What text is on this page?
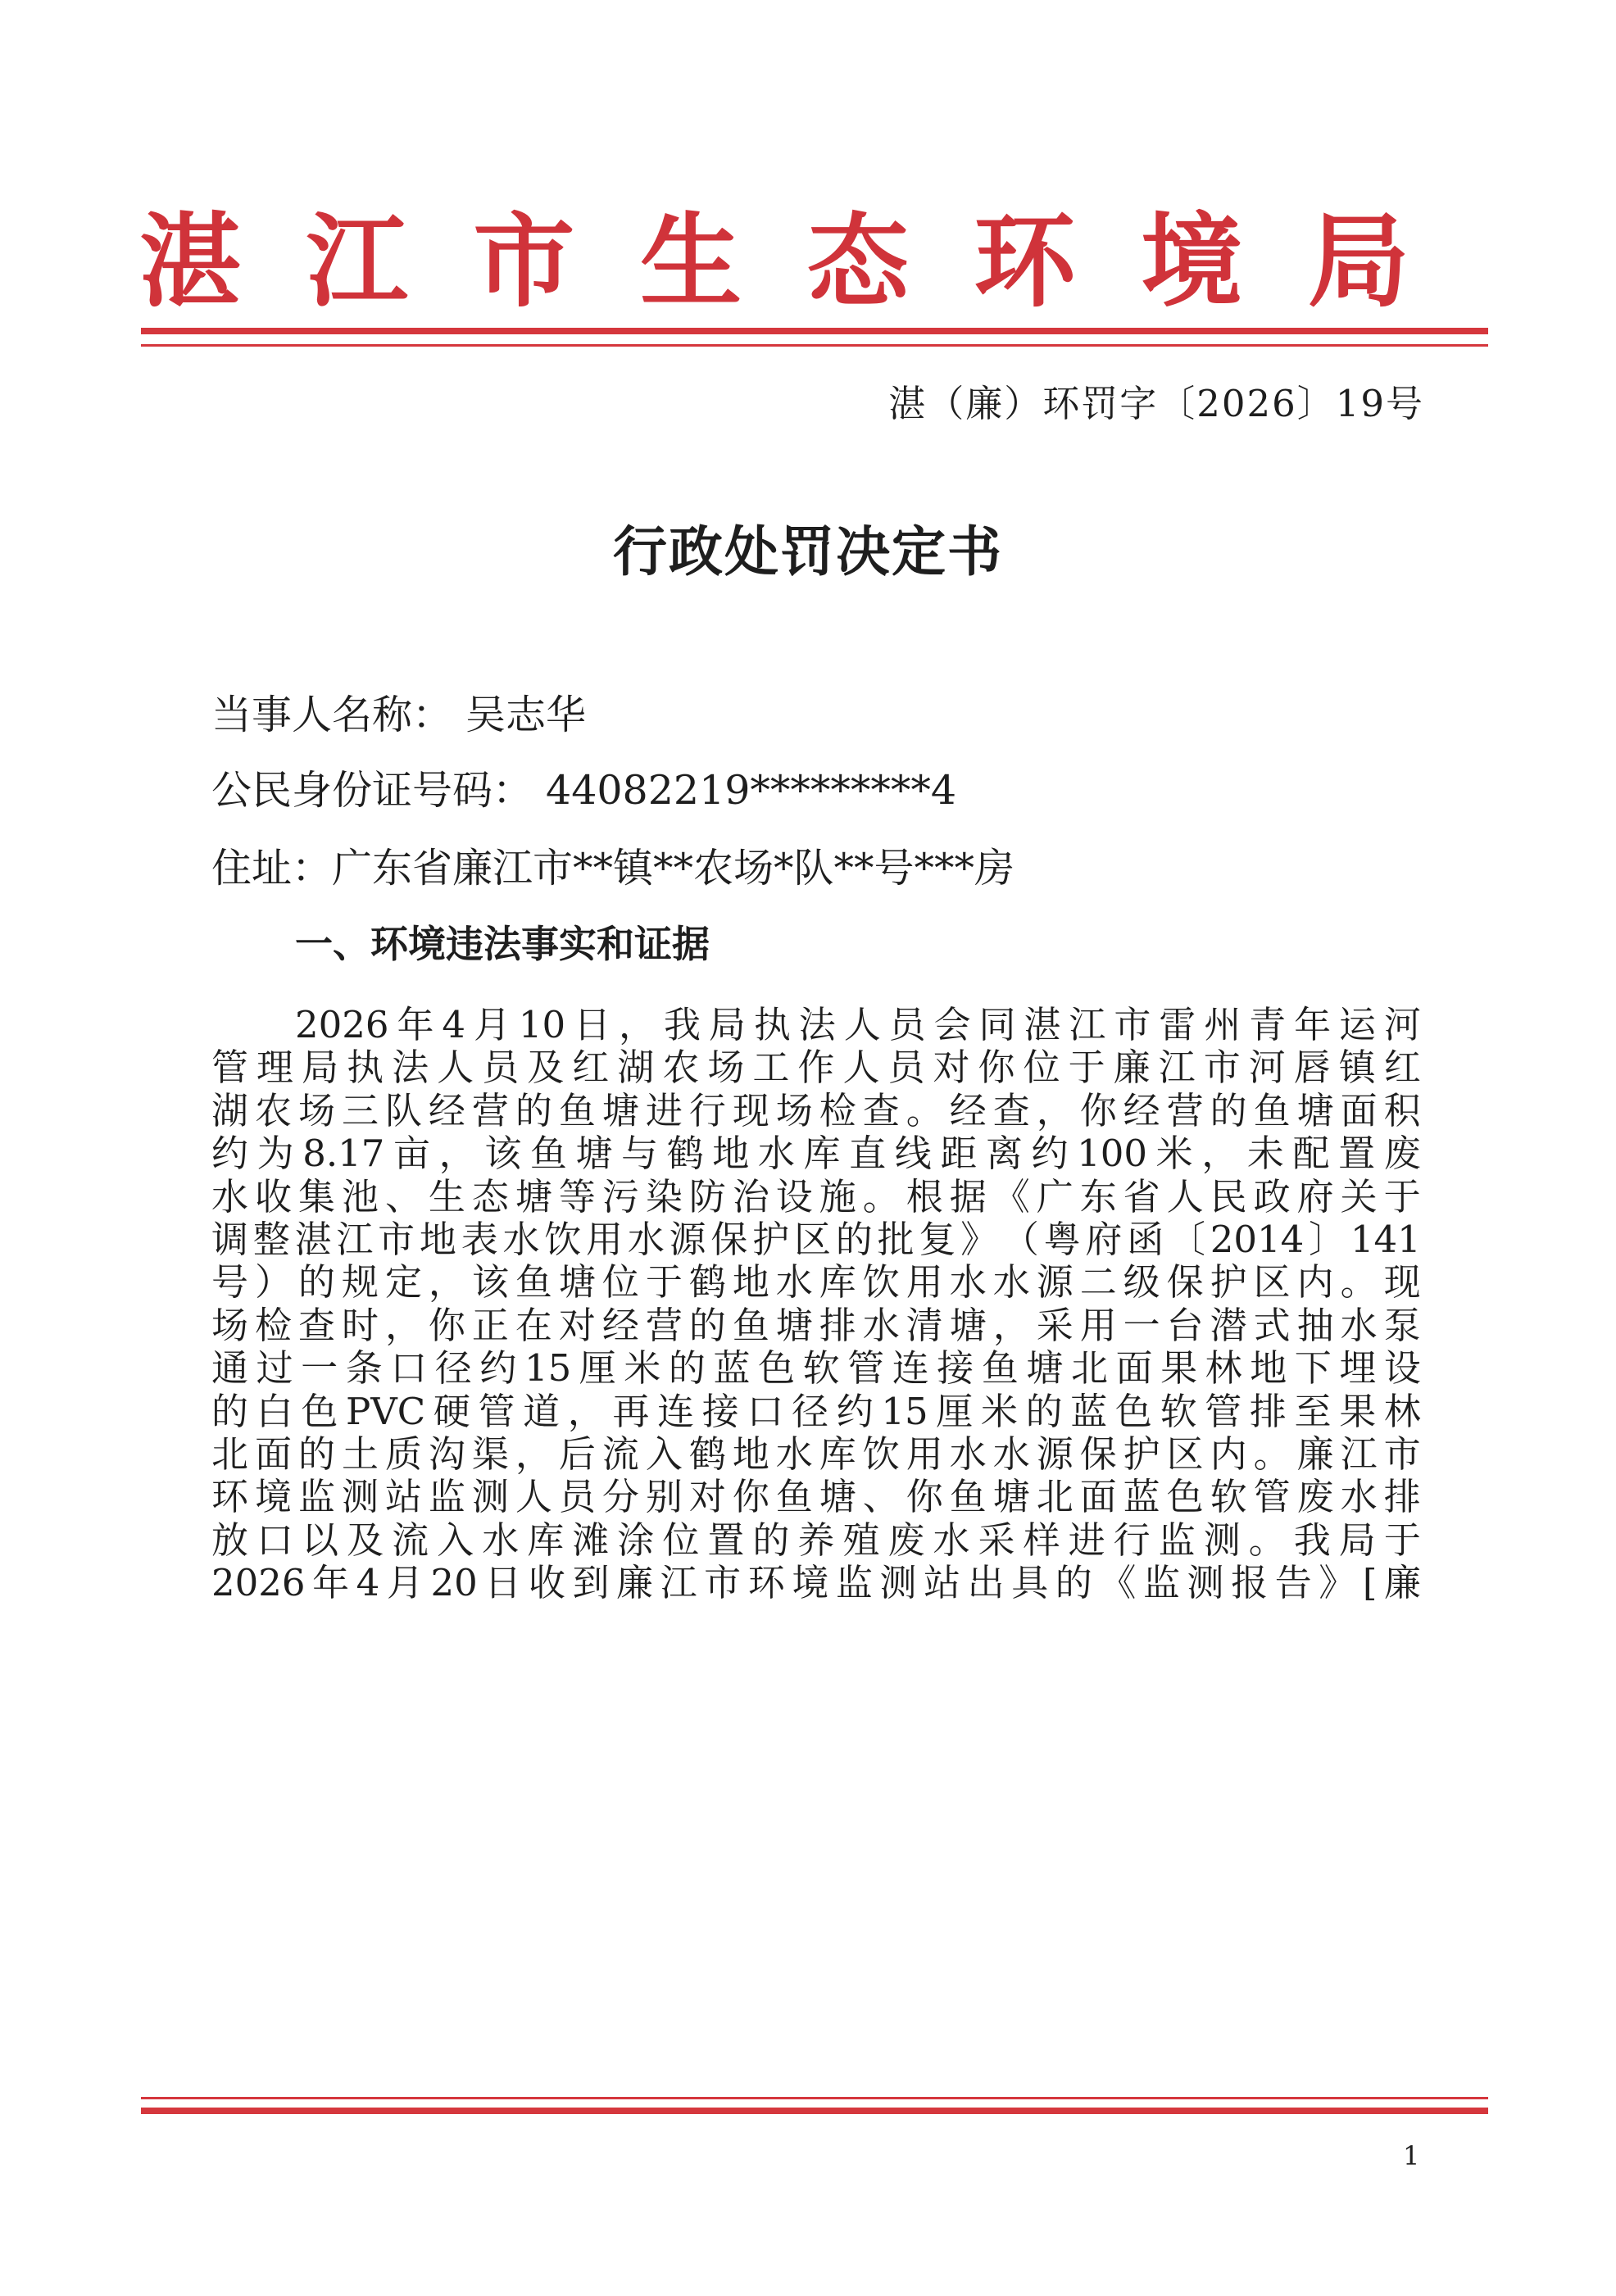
湛 江 市 生 态 环 境 局
湛（廉）环罚字〔2026〕19号
行政处罚决定书
当事人名称： 吴志华
公民身份证号码： 44082219*********4
住址：广东省廉江市**镇**农场*队**号***房
一、环境违法事实和证据
2026 年 4 月 10 日 ， 我 局 执 法 人 员 会 同 湛 江 市 雷 州 青 年 运 河
管 理 局 执 法 人 员 及 红 湖 农 场 工 作 人 员 对 你 位 于 廉 江 市 河 唇 镇 红
湖 农 场 三 队 经 营 的 鱼 塘 进 行 现 场 检 查 。 经 查 ， 你 经 营 的 鱼 塘 面 积
约 为 8.17 亩 ， 该 鱼 塘 与 鹤 地 水 库 直 线 距 离 约 100 米 ， 未 配 置 废
水 收 集 池 、 生 态 塘 等 污 染 防 治 设 施 。 根 据 《 广 东 省 人 民 政 府 关 于
调 整 湛 江 市 地 表 水 饮 用 水 源 保 护 区 的 批 复 》 （ 粤 府 函 〔 2014 〕 141
号 ） 的 规 定 ， 该 鱼 塘 位 于 鹤 地 水 库 饮 用 水 水 源 二 级 保 护 区 内 。 现
场 检 查 时 ， 你 正 在 对 经 营 的 鱼 塘 排 水 清 塘 ， 采 用 一 台 潜 式 抽 水 泵
通 过 一 条 口 径 约 15 厘 米 的 蓝 色 软 管 连 接 鱼 塘 北 面 果 林 地 下 埋 设
的 白 色 PVC 硬 管 道 ， 再 连 接 口 径 约 15 厘 米 的 蓝 色 软 管 排 至 果 林
北 面 的 土 质 沟 渠 ， 后 流 入 鹤 地 水 库 饮 用 水 水 源 保 护 区 内 。 廉 江 市
环 境 监 测 站 监 测 人 员 分 别 对 你 鱼 塘 、 你 鱼 塘 北 面 蓝 色 软 管 废 水 排
放 口 以 及 流 入 水 库 滩 涂 位 置 的 养 殖 废 水 采 样 进 行 监 测 。 我 局 于
2026 年 4 月 20 日 收 到 廉 江 市 环 境 监 测 站 出 具 的 《 监 测 报 告 》 [ 廉
1
